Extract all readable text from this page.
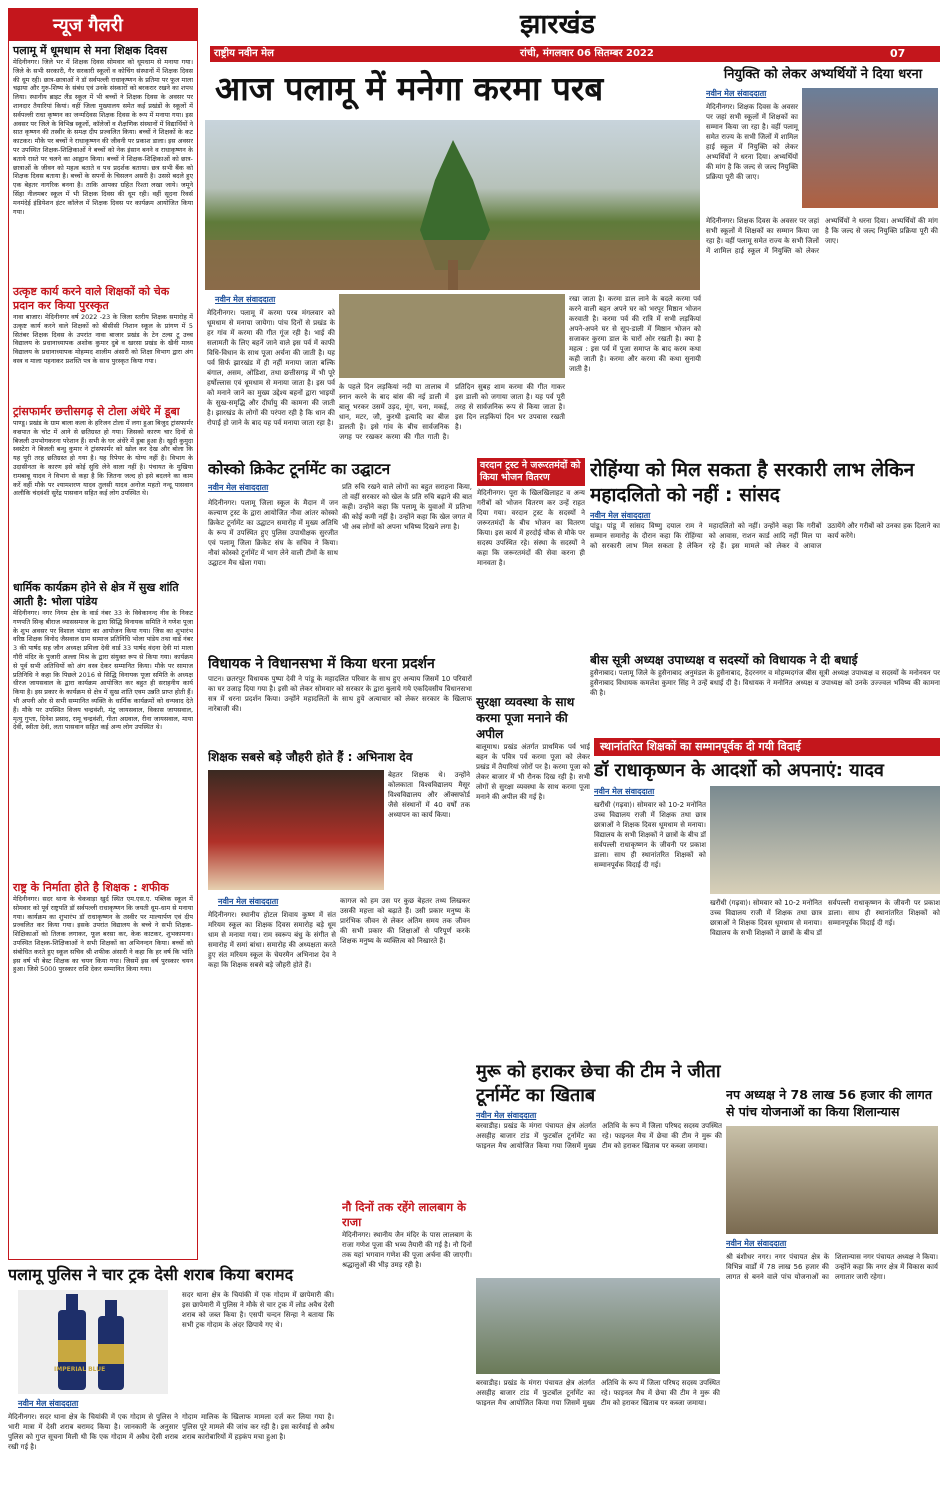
झारखंड
राष्ट्रीय नवीन मेल	रांची, मंगलवार 06 सितम्बर 2022	07
न्यूज गैलरी
पलामू में धूमधाम से मना शिक्षक दिवस
मेदिनीनगर। जिले भर में शिक्षक दिवस सोमवार को धूमधाम से मनाया गया। जिले के सभी सरकारी, गैर सरकारी स्कूलों व कोचिंग संस्थानों में शिक्षक दिवस की धूम रही। छात्र-छात्राओं ने डॉ सर्वपल्ली राधाकृष्णन के प्रतिमा पर फूल माला चढ़ाया और गुरु-शिष्य के संबंध एवं उनके संस्कारों को बरकरार रखने का शपथ लिया। स्थानीय ब्राइट लैंड स्कूल में भी बच्चों ने शिक्षक दिवस के अवसर पर शानदार तैयारियां कियां। वहीं जिला मुख्यालय समेत कई प्रखंडों के स्कूलों में सर्वपल्ली राधा कृष्णन का जन्मदिवस शिक्षक दिवस के रूप में मनाया गया। इस अवसर पर जिले के विभिन्न स्कूलों, कॉलेजों व शैक्षणिक संस्थानों में विद्यार्थियों ने सात कृष्णन की तस्वीर के समक्ष दीप प्रज्वलित किया। बच्चों ने शिक्षकों के कट काटकर। मौके पर बच्चों ने राधाकृष्णन की जीवनी पर प्रकाश डाला। इस अवसर पर उपस्थित शिक्षक-शिक्षिकाओं ने बच्चों को नेक इंसान बनने व राधाकृष्णन के बताये रास्ते पर चलने का आह्वान किया। बच्चों ने शिक्षक-शिक्षिकाओं को छात्र-छात्राओं के जीवन को महत्व बताते व पथ प्रदर्शक बताया। छत्र सभी बैंक को शिक्षक दिवस बताया है। बच्चों के सपनों के चिसलन असरी है। उससे बदले हुए एक बेहतर नागरिक बनना है। ताकि आपका ग्रहित रिश्ता लखा जाये। जमूने सिंहा नीलमबर स्कूल में भी शिक्षक दिवस की धूम रही। वहीं सूदना रिवर्स मनमंदेई इंडियेशन इंटर कॉलेज में शिक्षक दिवस पर कार्यक्रम आयोजित किया गया।
उत्कृष्ट कार्य करने वाले शिक्षकों को चेक प्रदान कर किया पुरस्कृत
नावा बाजार। मेदिनीनगर वर्ष 2022 -23 के जिला स्तरीय शिक्षक समारोह में उत्कृष्ट कार्य करने वाले शिक्षकों को बीसीसी निशान स्कूल के प्रांगण में 5 सितंबर शिक्षक दिवस के उपरांत नावा बाजार प्रखंड के टेन टल्स टू उच्च विद्यालय के प्रधानाध्यापक अशोक कुमार दुबे व खरसा प्रखंड के खैनी माध्य विद्यालय के प्रधानाध्यापक मोहम्मद शालीम अंसारी को शिक्षा विभाग द्वारा अंग वस्त्र व माला पहनाकर प्रशस्ति पत्र के साथ पुरस्कृत किया गया।
ट्रांसफार्मर छत्तीसगढ़ से टोला अंधेरे में डूबा
पाण्डू। प्रखंड के ग्राम बाला कला के हरिजन टोला में लगा हुआ बिजुद ट्रांसफार्मर वज्रपात के चोट में आने से छतिग्रस्त हो गया। जिसको कारण चार दिनों से बिजली उपभोगकरना परेशान हैं। सभी के घर अंधेरे में डूबा हुआ है। खुदी कुमुदा स्वस्टेरा ने बिजली बन्धु कुमार ने ट्रांसफार्मर को खोल कर देख और बोला कि यह पूरी तरह छतिग्रस्त हो गया है। यह रिपेयर के योग्य नहीं है। विभाग के उदासीनता के कारण इसे कोई सुधि लेने वाला नहीं है। पंचायत के मुखिया रामबाबू यादव ने विभाग से कहा है कि जितना जल्द हो इसे बदलने का काम करें वहीं मौके पर श्यामशरण यादव तुलसी यादव अनोज महतो नन्दू पासवान अलौकि चंदवंशी सुरेंद्र पासवान सहित कई लोग उपस्थित थे।
धार्मिक कार्यक्रम होने से क्षेत्र में सुख शांति आती है: भोला पांडेय
मेदिनीनगर। नगर निगम क्षेत्र के वार्ड नंबर 33 के विवेकानन्द नीव के निकट गणपति सिन्ह बीराज व्याससमाज के द्वारा सिद्धि विनायक समिति ने गणेश पूजा के शुभ अवसर पर विशाल भंडारा का आयोजन किया गया। जिस का शुभारंभ वरिष्ठ शिक्षक विनोद जैसवाल ग्राम सामाज प्रतिनिधि भोला पांडेय तथा वार्ड नंबर 3 की पार्षद सह जौन अध्यक्ष प्रमिला देवी वार्ड 33 पार्षद वंदना देवी मां माला गौरी मंदिर के पुजारी अल्ला मिश्र के द्वारा संयुक्त रूप से किया गया। कार्यक्रम से पूर्व सभी अतिथियों को अंग वस्त्र देकर सम्मानित किया। मौके पर सामाज प्रतिनिधि ने कहा कि पिछले 2016 से सिद्धि विनायक पूजा समिति के अध्यक्ष धीरज जायसवाल के द्वारा कार्यक्रम आयोजित कर बहुत ही सराहनीय कार्य किया है। इस प्रकार के कार्यक्रम से क्षेत्र में सुख शांति एवम उन्नति प्राप्त होती हैं। भी अपनी ओर से सभी सम्मानित व्यक्ति के धार्मिक कार्यक्रमों को धन्यवाद देते हैं। मौके पर उपस्थित विजय चन्द्रवंशी, मंटू जायसवाल, विकास जायसवाल, मृत्यु गुप्ता, दिनेश प्रसाद, रामू चन्द्रवंशी, गीता अग्रवाल, रीना जायसवाल, माया देवी, स्वीता देवी, लता पासवान सहित कई अन्य लोग उपस्थित थे।
राष्ट्र के निर्माता होते है शिक्षक : शफीक
मेदिनीनगर। सदर थाना के चेकवाड़ा खुर्द स्थित एम.एस.ए. पब्लिक स्कूल में सोमवार को पूर्व राष्ट्रपति डॉ सर्वपल्ली राधाकृष्णन कि जयती धूम-धाम से मनाया गया। कार्यक्रम का शुभारंभ डॉ राधाकृष्णन के तस्वीर पर माल्यार्पण एवं दीप प्रज्वलित कर किया गया। इसके उपरांत विद्यालय के बच्चे ने सभी शिक्षक-शिक्षिकाओं को तिलक लगाकर, फूल बरसा कर, केक काटकर, शुभकामना। उपस्थित शिक्षक-शिक्षिकाओं ने सभी शिक्षकों का अभिनन्दन किया। बच्चों को संबोधित करते हुए स्कूल सचिव श्री शफीक अंसारी ने कहा कि हर वर्ष कि भांति इस वर्ष भी बेस्ट शिक्षक का चयन किया गया। जिसमें इस वर्ष पुरस्कार चयन हुआ। जिसे 5000 पुरस्कार राशि देकर सम्मानित किया गया।
आज पलामू में मनेगा करमा परब
नवीन मेल संवाददाता
मेदिनीनगर। पलामू में करमा परब मंगलवार को धूमधाम से मनाया जायेगा। पांच दिनों से प्रखंड के हर गांव में करमा की गीत गूंज रही है। भाई की सलामती के लिए बहनें जाने वाले इस पर्व में काफी विधि-विधान के साथ पूजा अर्चना की जाती है। यह पर्व सिर्फ झारखंड में ही नहीं मनाया जाता बल्कि बंगाल, असम, ओडिशा, तथा छत्तीसगढ़ में भी पूरे हर्षोल्लास एवं धूमधाम से मनाया जाता है। इस पर्व को मनाने जाने का मुख्य उद्देश्य बहनों द्वारा भाइयों के सुख-समृद्धि और दीर्घायु की कामना की जाती है। झारखंड के लोगों की परंपरा रही है कि धान की रोपाई हो जाने के बाद यह पर्व मनाया जाता रहा है।
के पहले दिन लड़कियां नदी या तालाब में स्नान करने के बाद बांस की नई डाली में बालू भरकर उसमें उड़द, मूंग, चना, मकई, धान, मटर, जौ, कुरथी इत्यादि का बीज डालती है। इसे गांव के बीच सार्वजनिक जगह पर रखकर करमा की गीत गाती है। प्रतिदिन सुबह शाम करमा की गीत गाकर इस डाली को जगाया जाता है। यह पर्व पूरी तरह से सार्वजनिक रूप से किया जाता है। इस दिन लड़कियां दिन भर उपवास रखती है।
रखा जाता है। करमा डाल लाने के बदले करमा पर्व करने वाली बहन अपने घर को भरपूर मिष्ठान भोजन करवाती है। करमा पर्व की रात्रि में सभी लड़कियां अपने-अपने घर से सूप-डाली में मिष्ठान भोजन को सजाकर कुरमा डाल के चारों ओर रखती है। क्या है महत्व : इस पर्व में पूजा समाप्त के बाद करम कथा कही जाती है। करमा और करमा की कथा सुनायी जाती है।
नियुक्ति को लेकर अभ्यर्थियों ने दिया धरना
नवीन मेल संवाददाता
मेदिनीनगर। शिक्षक दिवस के अवसर पर जहां सभी स्कूलों में शिक्षकों का सम्मान किया जा रहा है। वहीं पलामू समेत राज्य के सभी जिलों में शामिल हाई स्कूल में नियुक्ति को लेकर अभ्यर्थियों ने धरना दिया। अभ्यर्थियों की मांग है कि जल्द से जल्द नियुक्ति प्रक्रिया पूरी की जाए।
मेदिनीनगर। शिक्षक दिवस के अवसर पर जहां सभी स्कूलों में शिक्षकों का सम्मान किया जा रहा है। वहीं पलामू समेत राज्य के सभी जिलों में शामिल हाई स्कूल में नियुक्ति को लेकर अभ्यर्थियों ने धरना दिया। अभ्यर्थियों की मांग है कि जल्द से जल्द नियुक्ति प्रक्रिया पूरी की जाए।
कोस्को क्रिकेट टूर्नामेंट का उद्घाटन
नवीन मेल संवाददाता
मेदिनीनगर। पलामू जिला स्कूल के मैदान में जन कल्याण ट्रस्ट के द्वारा आयोजित नौवा आंतर कोस्को क्रिकेट टूर्नामेंट का उद्घाटन समारोह में मुख्य अतिथि के रूप में उपस्थित हुए पुलिस उपाधीक्षक सुरजीत एवं पलामू जिला क्रिकेट संघ के सचिव ने किया। नौवां कोस्को टूर्नामेंट में भाग लेने वाली टीमों के साथ उद्घाटन मैच खेला गया।
प्रति रुचि रखने वाले लोगों का बहुत सराहना किया, तो वहीं सरकार को खेल के प्रति रुचि बढ़ाने की बात कही। उन्होंने कहा कि पलामू के युवाओं में प्रतिभा की कोई कमी नहीं है। उन्होंने कहा कि खेल जगत में भी अब लोगों को अपना भविष्य दिखने लगा है।
वरदान ट्रस्ट ने जरूरतमंदों को किया भोजन वितरण
मेदिनीनगर। पूरा के खिलखिलाहट व अन्य गरीबों को भोजन वितरण कर उन्हें राहत दिया गया। वरदान ट्रस्ट के सदस्यों ने जरूरतमंदों के बीच भोजन का वितरण किया। इस कार्य में हरदोई चौक से मौके पर सदस्य उपस्थित रहे। संस्था के सदस्यों ने कहा कि जरूरतमंदों की सेवा करना ही मानवता है।
रोहिंग्या को मिल सकता है सरकारी लाभ लेकिन महादलितो को नहीं : सांसद
नवीन मेल संवाददाता
पांडू। पांडू में सांसद विष्णु दयाल राम ने सम्मान समारोह के दौरान कहा कि रोहिंग्या को सरकारी लाभ मिल सकता है लेकिन महादलितो को नहीं। उन्होंने कहा कि गरीबों को आवास, राशन कार्ड आदि नहीं मिल पा रहे हैं। इस मामले को लेकर वे आवाज उठायेंगे और गरीबों को उनका हक दिलाने का कार्य करेंगे।
विधायक ने विधानसभा में किया धरना प्रदर्शन
पाटन। छतरपुर विधायक पुष्पा देवी ने पांडू के महादलित परिवार के साथ हुए अन्याय जिसमें 10 परिवारों का घर उजाड़ दिया गया है। इसी को लेकर सोमवार को सरकार के द्वारा बुलाये गये एकदिवसीय विधानसभा सत्र में धरना प्रदर्शन किया। उन्होंने महादलितों के साथ हुये अत्याचार को लेकर सरकार के खिलाफ नारेबाजी की।
बीस सूत्री अध्यक्ष उपाध्यक्ष व सदस्यों को विधायक ने दी बधाई
हुसैनाबाद। पलामू जिले के हुसैनाबाद अनुमंडल के हुसैनाबाद, हैदरनगर व मोहम्मदगंज बीस सूत्री अध्यक्ष उपाध्यक्ष व सदस्यों के मनोनयन पर हुसैनाबाद विधायक कमलेश कुमार सिंह ने उन्हें बधाई दी है। विधायक ने मनोनित अध्यक्ष व उपाध्यक्ष को उनके उज्ज्वल भविष्य की कामना की है।
शिक्षक सबसे बड़े जौहरी होते हैं : अभिनाश देव
बेहतर शिक्षक थे। उन्होंने कोलकाता विश्वविद्यालय मैसूर विश्वविद्यालय और ऑक्सफोर्ड जैसे संस्थानों में 40 वर्षों तक अध्यापन का कार्य किया।
नवीन मेल संवाददाता
मेदिनीनगर। स्थानीय होटल शिवाय कुष्ण में संत मरियम स्कूल का शिक्षक दिवस समारोह बड़े धूम धाम से मनाया गया। राम स्वरूप बंधु के संगीत से समारोह में समां बांधा। समारोह की अध्यक्षता करते हुए संत मरियम स्कूल के चेयरमैन अभिनाश देव ने कहा कि शिक्षक सबसे बड़े जौहरी होते हैं।
कागज को हम उस पर कुछ बेहतर तथ्य लिखकर उसकी महत्ता को बढ़ाते हैं। उसी प्रकार मनुष्य के प्रारंभिक जीवन से लेकर अंतिम समय तक जीवन की सभी प्रकार की शिक्षाओं से परिपूर्ण करके शिक्षक मनुष्य के व्यक्तित्व को निखारते हैं।
सुरक्षा व्यवस्था के साथ करमा पूजा मनाने की अपील
बालूमाथ। प्रखंड अंतर्गत प्राथमिक पर्व भाई बहन के पवित्र पर्व करमा पूजा को लेकर प्रखंड में तैयारियां जोरों पर है। करमा पूजा को लेकर बाजार में भी रौनक दिख रही है। सभी लोगों से सुरक्षा व्यवस्था के साथ करमा पूजा मनाने की अपील की गई है।
स्थानांतरित शिक्षकों का सम्मानपूर्वक दी गयी विदाई
डॉ राधाकृष्णन के आदर्शो को अपनाएं: यादव
नवीन मेल संवाददाता
खरौंधी (गढ़वा)। सोमवार को 10-2 मनोनित उच्च विद्यालय राजी में शिक्षक तथा छात्र छात्राओं ने शिक्षक दिवस धूमधाम से मनाया। विद्यालय के सभी शिक्षकों ने छात्रों के बीच डॉ सर्वपल्ली राधाकृष्णन के जीवनी पर प्रकाश डाला। साथ ही स्थानांतरित शिक्षकों को सम्मानपूर्वक विदाई दी गई।
खरौंधी (गढ़वा)। सोमवार को 10-2 मनोनित उच्च विद्यालय राजी में शिक्षक तथा छात्र छात्राओं ने शिक्षक दिवस धूमधाम से मनाया। विद्यालय के सभी शिक्षकों ने छात्रों के बीच डॉ सर्वपल्ली राधाकृष्णन के जीवनी पर प्रकाश डाला। साथ ही स्थानांतरित शिक्षकों को सम्मानपूर्वक विदाई दी गई।
मुरू को हराकर छेचा की टीम ने जीता टूर्नामेंट का खिताब
नवीन मेल संवाददाता
बरवाडीह। प्रखंड के मंगरा पंचायत क्षेत्र अंतर्गत असहीह बाजार टांड में फुटबॉल टूर्नामेंट का फाइनल मैच आयोजित किया गया जिसमें मुख्य अतिथि के रूप में जिला परिषद सदस्य उपस्थित रहे। फाइनल मैच में छेचा की टीम ने मुरू की टीम को हराकर खिताब पर कब्जा जमाया।
बरवाडीह। प्रखंड के मंगरा पंचायत क्षेत्र अंतर्गत असहीह बाजार टांड में फुटबॉल टूर्नामेंट का फाइनल मैच आयोजित किया गया जिसमें मुख्य अतिथि के रूप में जिला परिषद सदस्य उपस्थित रहे। फाइनल मैच में छेचा की टीम ने मुरू की टीम को हराकर खिताब पर कब्जा जमाया।
नप अध्यक्ष ने 78 लाख 56 हजार की लागत से पांच योजनाओं का किया शिलान्यास
नवीन मेल संवाददाता
श्री बंशीधर नगर। नगर पंचायत क्षेत्र के विभिन्न वार्डों में 78 लाख 56 हजार की लागत से बनने वाले पांच योजनाओं का शिलान्यास नगर पंचायत अध्यक्ष ने किया। उन्होंने कहा कि नगर क्षेत्र में विकास कार्य लगातार जारी रहेगा।
पलामू पुलिस ने चार ट्रक देसी शराब किया बरामद
IMPERIAL BLUE
नवीन मेल संवाददाता
मेदिनीनगर। सदर थाना क्षेत्र के चियांकी में एक गोदाम से पुलिस ने भारी मात्रा में देसी शराब बरामद किया है। जानकारी के अनुसार पुलिस को गुप्त सूचना मिली थी कि एक गोदाम में अवैध देसी शराब रखी गई है।
सदर थाना क्षेत्र के चियांकी में एक गोदाम में छापेमारी की। इस छापेमारी में पुलिस ने मौके से चार ट्रक में लोड अवैध देसी शराब को जब्त किया है। एसपी चन्दन सिन्हा ने बताया कि सभी ट्रक गोदाम के अंदर छिपाये गए थे।
गोदाम मालिक के खिलाफ मामला दर्ज कर लिया गया है। पुलिस पूरे मामले की जांच कर रही है। इस कार्रवाई से अवैध शराब कारोबारियों में हड़कंप मचा हुआ है।
नौ दिनों तक रहेंगे लालबाग के राजा
मेदिनीनगर। स्थानीय जैन मंदिर के पास लालबाग के राजा गणेश पूजा की भव्य तैयारी की गई है। नौ दिनों तक यहां भगवान गणेश की पूजा अर्चना की जाएगी। श्रद्धालुओं की भीड़ उमड़ रही है।
